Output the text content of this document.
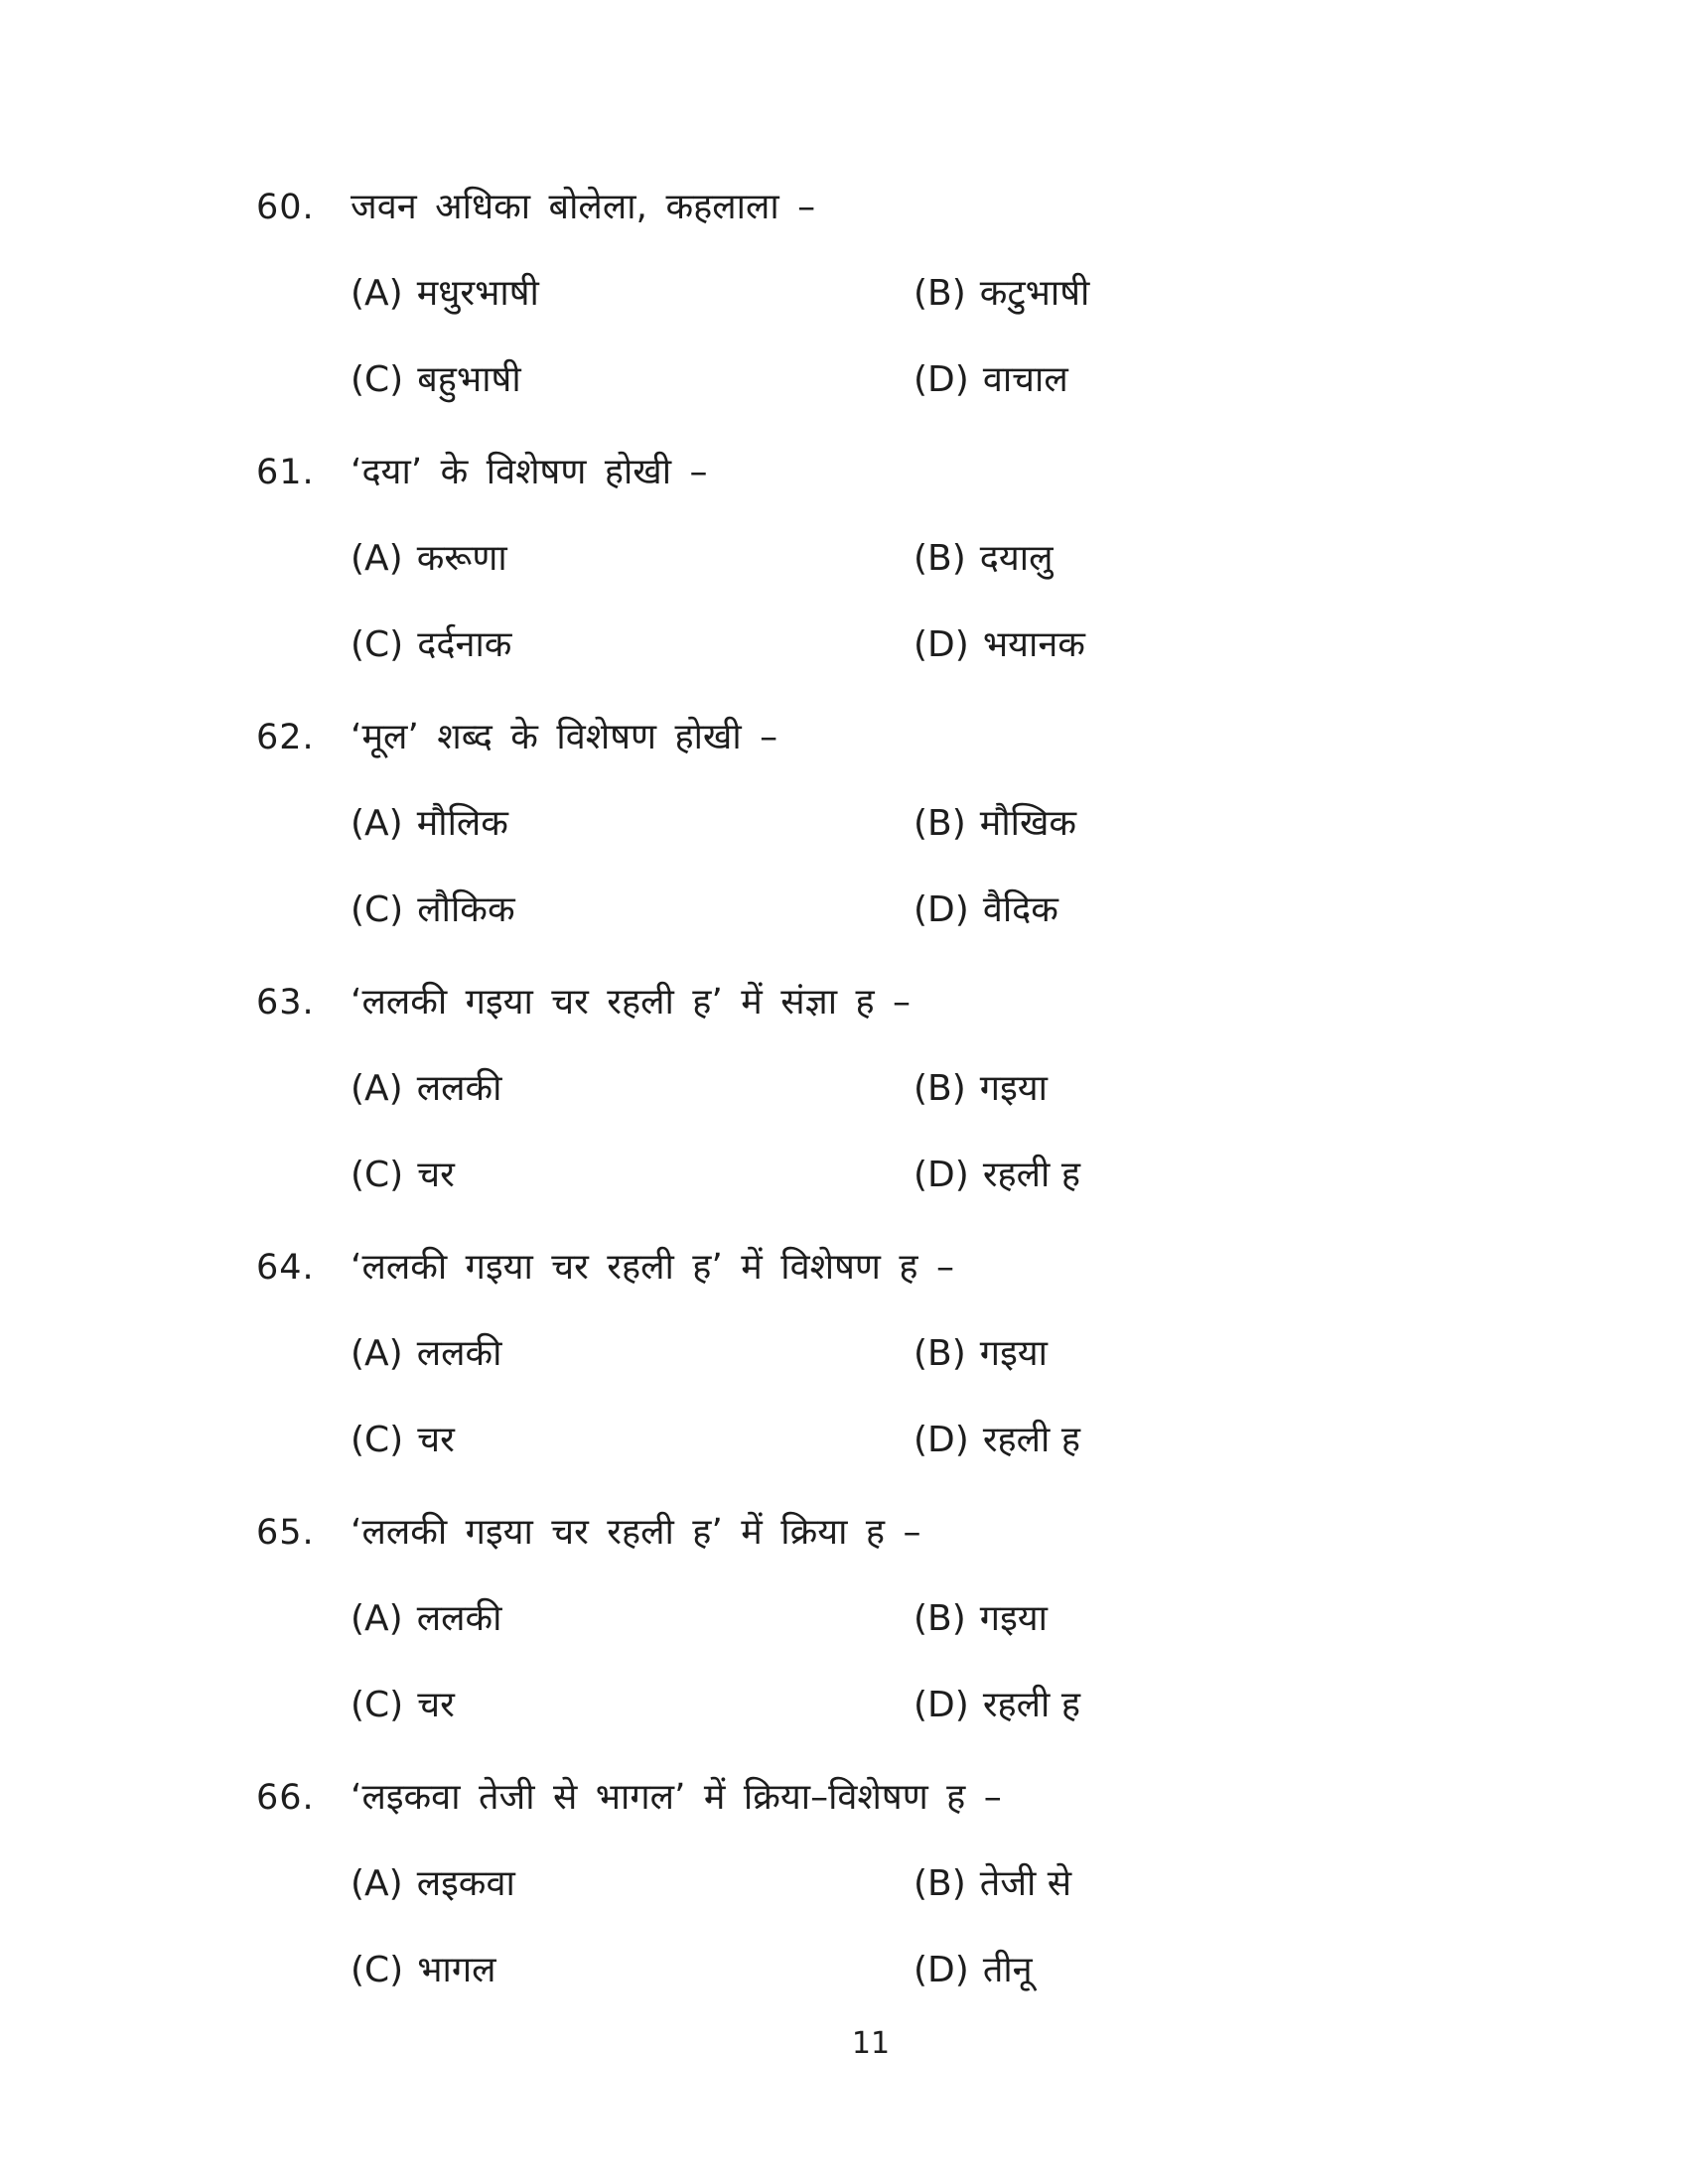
60.	जवन अधिका बोलेला, कहलाला –
(A) मधुरभाषी	(B) कटुभाषी
(C) बहुभाषी	(D) वाचाल
61.	‘दया’ के विशेषण होखी –
(A) करूणा	(B) दयालु
(C) दर्दनाक	(D) भयानक
62.	‘मूल’ शब्द के विशेषण होखी –
(A) मौलिक	(B) मौखिक
(C) लौकिक	(D) वैदिक
63.	‘ललकी गइया चर रहली ह’ में संज्ञा ह –
(A) ललकी	(B) गइया
(C) चर	(D) रहली ह
64.	‘ललकी गइया चर रहली ह’ में विशेषण ह –
(A) ललकी	(B) गइया
(C) चर	(D) रहली ह
65.	‘ललकी गइया चर रहली ह’ में क्रिया ह –
(A) ललकी	(B) गइया
(C) चर	(D) रहली ह
66.	‘लइकवा तेजी से भागल’ में क्रिया–विशेषण ह –
(A) लइकवा	(B) तेजी से
(C) भागल	(D) तीनू
11
